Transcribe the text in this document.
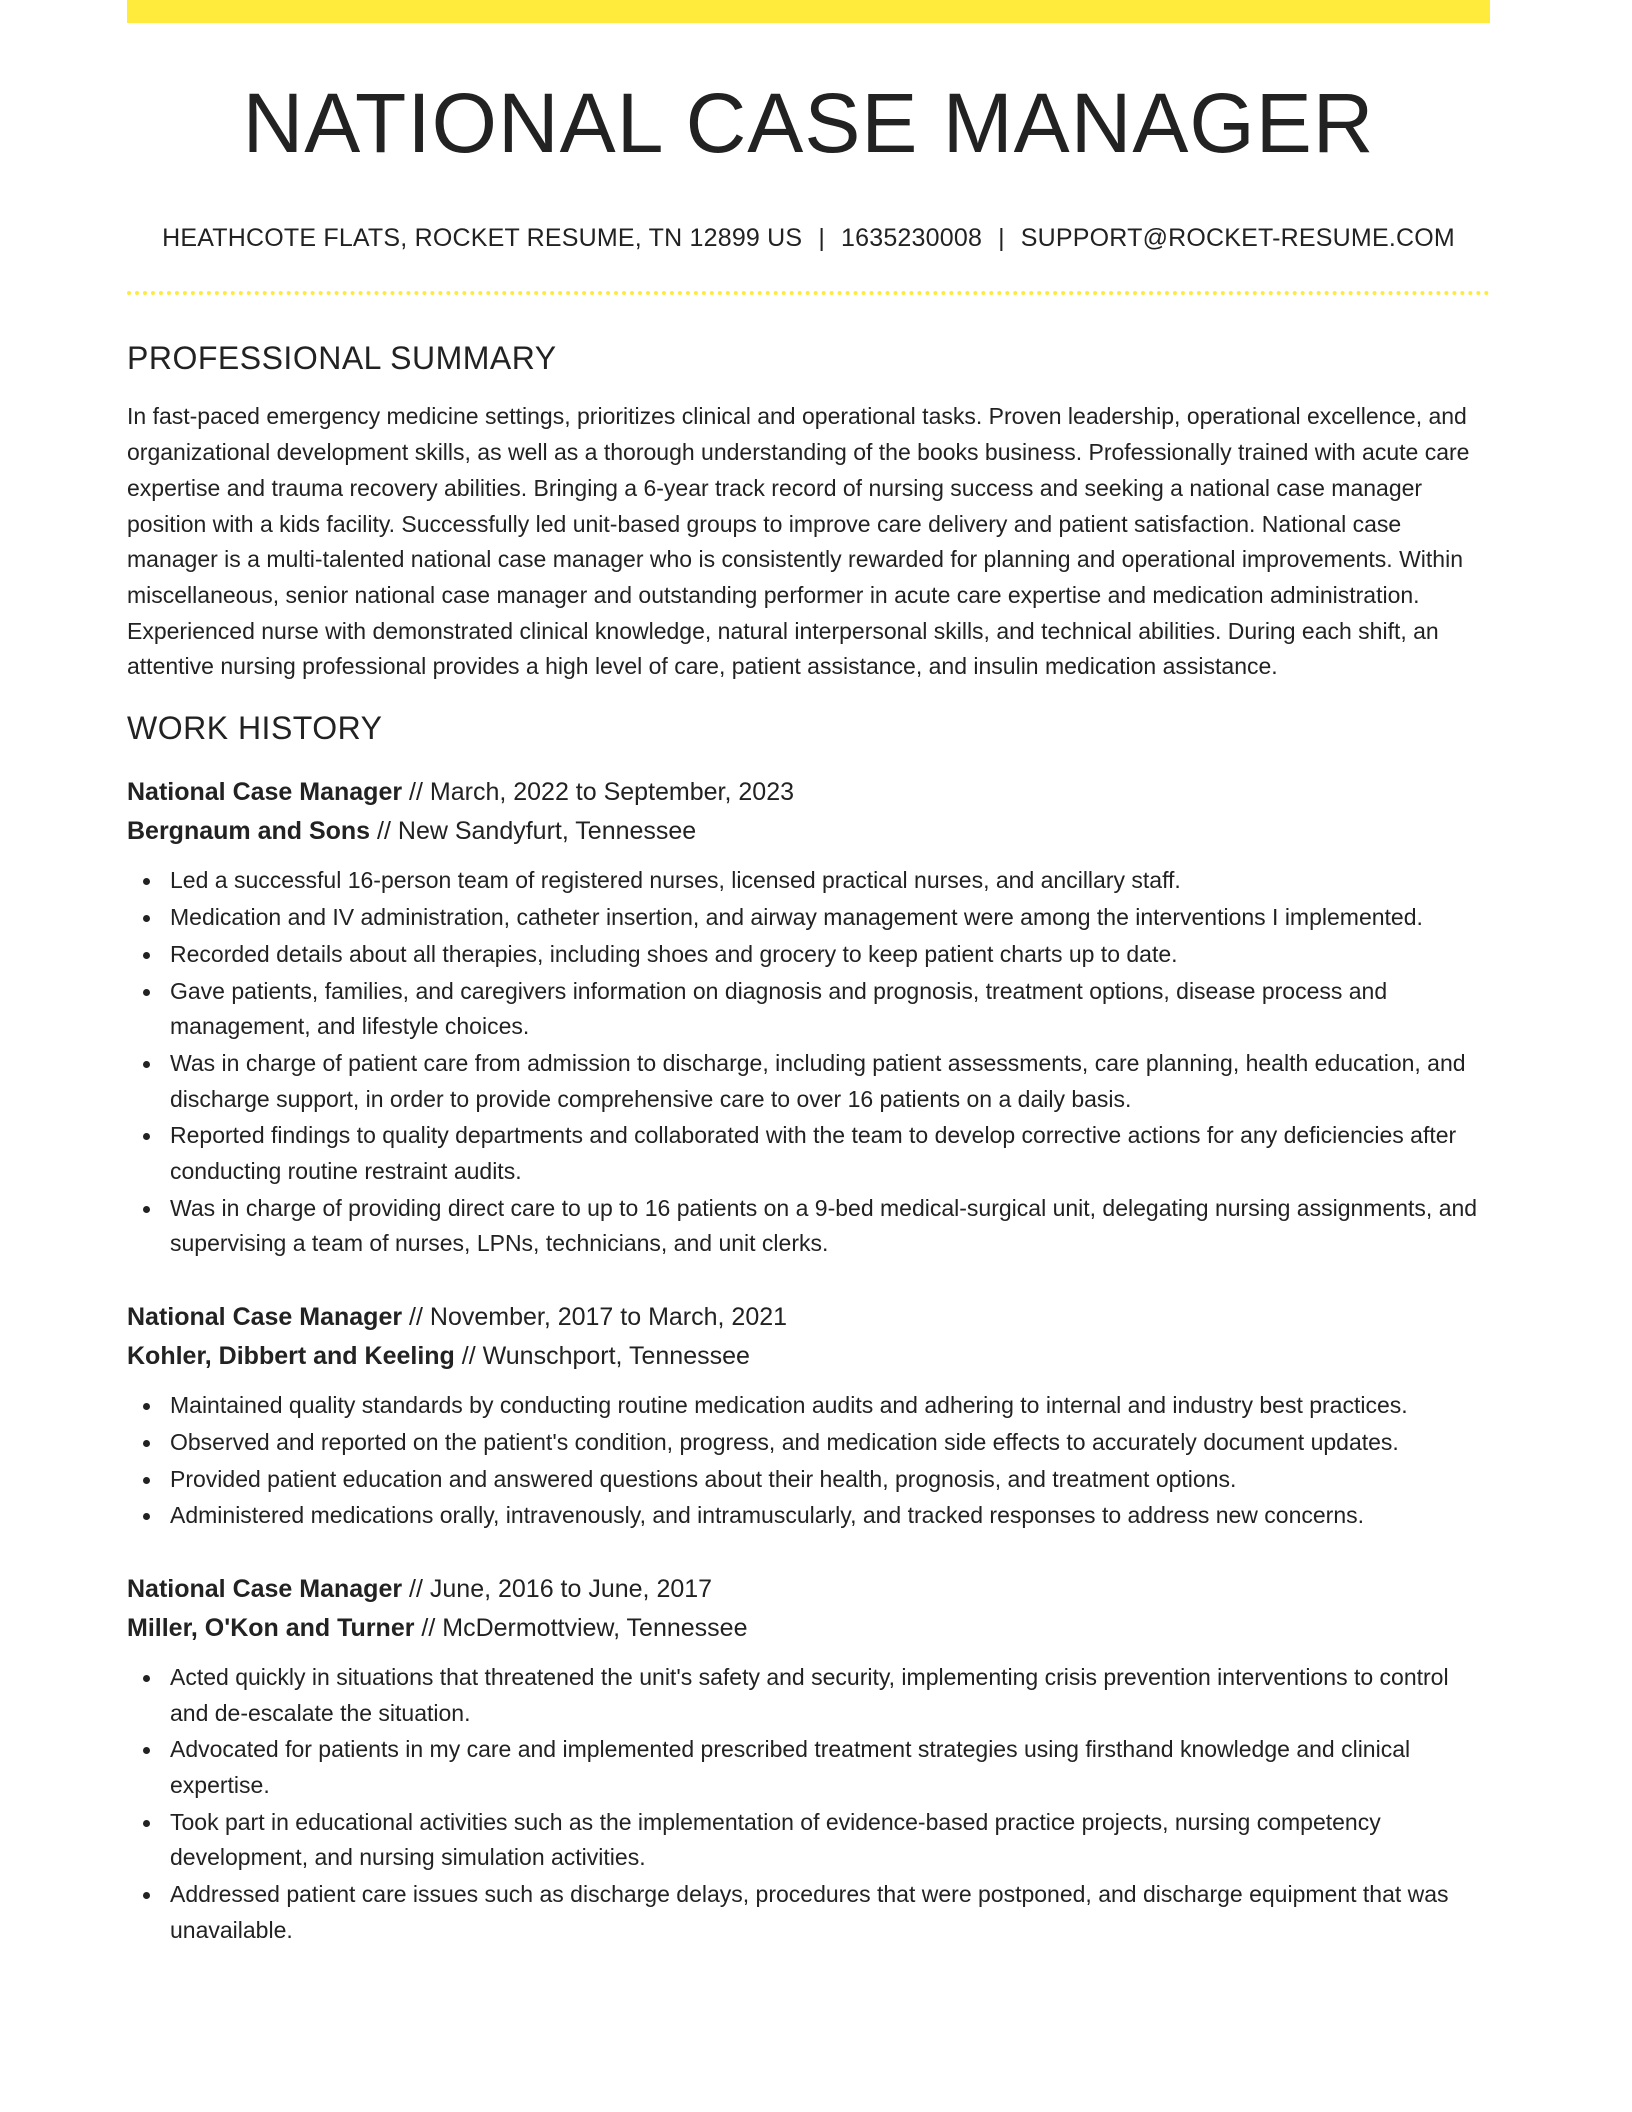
NATIONAL CASE MANAGER
HEATHCOTE FLATS, ROCKET RESUME, TN 12899 US | 1635230008 | SUPPORT@ROCKET-RESUME.COM
PROFESSIONAL SUMMARY

In fast-paced emergency medicine settings, prioritizes clinical and operational tasks. Proven leadership, operational excellence, and organizational development skills, as well as a thorough understanding of the books business. Professionally trained with acute care expertise and trauma recovery abilities. Bringing a 6-year track record of nursing success and seeking a national case manager position with a kids facility. Successfully led unit-based groups to improve care delivery and patient satisfaction. National case manager is a multi-talented national case manager who is consistently rewarded for planning and operational improvements. Within miscellaneous, senior national case manager and outstanding performer in acute care expertise and medication administration. Experienced nurse with demonstrated clinical knowledge, natural interpersonal skills, and technical abilities. During each shift, an attentive nursing professional provides a high level of care, patient assistance, and insulin medication assistance.

WORK HISTORY
National Case Manager // March, 2022 to September, 2023
Bergnaum and Sons // New Sandyfurt, Tennessee
Led a successful 16-person team of registered nurses, licensed practical nurses, and ancillary staff.
Medication and IV administration, catheter insertion, and airway management were among the interventions I implemented.
Recorded details about all therapies, including shoes and grocery to keep patient charts up to date.
Gave patients, families, and caregivers information on diagnosis and prognosis, treatment options, disease process and management, and lifestyle choices.
Was in charge of patient care from admission to discharge, including patient assessments, care planning, health education, and discharge support, in order to provide comprehensive care to over 16 patients on a daily basis.
Reported findings to quality departments and collaborated with the team to develop corrective actions for any deficiencies after conducting routine restraint audits.
Was in charge of providing direct care to up to 16 patients on a 9-bed medical-surgical unit, delegating nursing assignments, and supervising a team of nurses, LPNs, technicians, and unit clerks.
National Case Manager // November, 2017 to March, 2021
Kohler, Dibbert and Keeling // Wunschport, Tennessee
Maintained quality standards by conducting routine medication audits and adhering to internal and industry best practices.
Observed and reported on the patient's condition, progress, and medication side effects to accurately document updates.
Provided patient education and answered questions about their health, prognosis, and treatment options.
Administered medications orally, intravenously, and intramuscularly, and tracked responses to address new concerns.
National Case Manager // June, 2016 to June, 2017
Miller, O'Kon and Turner // McDermottview, Tennessee
Acted quickly in situations that threatened the unit's safety and security, implementing crisis prevention interventions to control and de-escalate the situation.
Advocated for patients in my care and implemented prescribed treatment strategies using firsthand knowledge and clinical expertise.
Took part in educational activities such as the implementation of evidence-based practice projects, nursing competency development, and nursing simulation activities.
Addressed patient care issues such as discharge delays, procedures that were postponed, and discharge equipment that was unavailable.
